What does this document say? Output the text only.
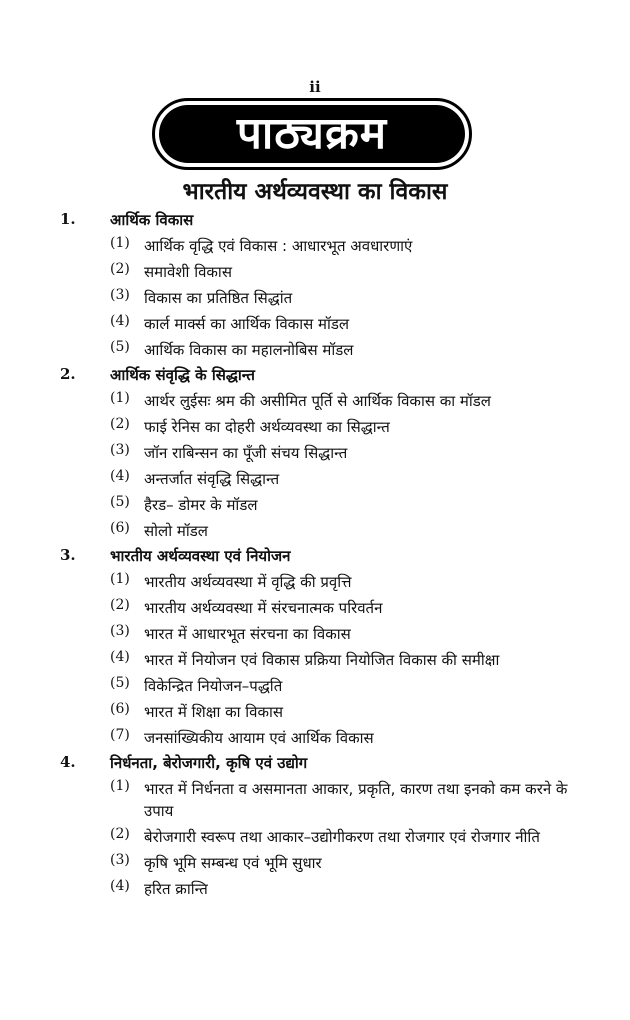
ii
पाठ्यक्रम
भारतीय अर्थव्यवस्था का विकास
1. आर्थिक विकास
(1) आर्थिक वृद्धि एवं विकास : आधारभूत अवधारणाएं
(2) समावेशी विकास
(3) विकास का प्रतिष्ठित सिद्धांत
(4) कार्ल मार्क्स का आर्थिक विकास मॉडल
(5) आर्थिक विकास का महालनोबिस मॉडल
2. आर्थिक संवृद्धि के सिद्धान्त
(1) आर्थर लुईसः श्रम की असीमित पूर्ति से आर्थिक विकास का मॉडल
(2) फाई रेनिस का दोहरी अर्थव्यवस्था का सिद्धान्त
(3) जॉन राबिन्सन का पूँजी संचय सिद्धान्त
(4) अन्तर्जात संवृद्धि सिद्धान्त
(5) हैरड– डोमर के मॉडल
(6) सोलो मॉडल
3. भारतीय अर्थव्यवस्था एवं नियोजन
(1) भारतीय अर्थव्यवस्था में वृद्धि की प्रवृत्ति
(2) भारतीय अर्थव्यवस्था में संरचनात्मक परिवर्तन
(3) भारत में आधारभूत संरचना का विकास
(4) भारत में नियोजन एवं विकास प्रक्रिया नियोजित विकास की समीक्षा
(5) विकेन्द्रित नियोजन–पद्धति
(6) भारत में शिक्षा का विकास
(7) जनसांख्यिकीय आयाम एवं आर्थिक विकास
4. निर्धनता, बेरोजगारी, कृषि एवं उद्योग
(1) भारत में निर्धनता व असमानता आकार, प्रकृति, कारण तथा इनको कम करने के उपाय
(2) बेरोजगारी स्वरूप तथा आकार–उद्योगीकरण तथा रोजगार एवं रोजगार नीति
(3) कृषि भूमि सम्बन्ध एवं भूमि सुधार
(4) हरित क्रान्ति
